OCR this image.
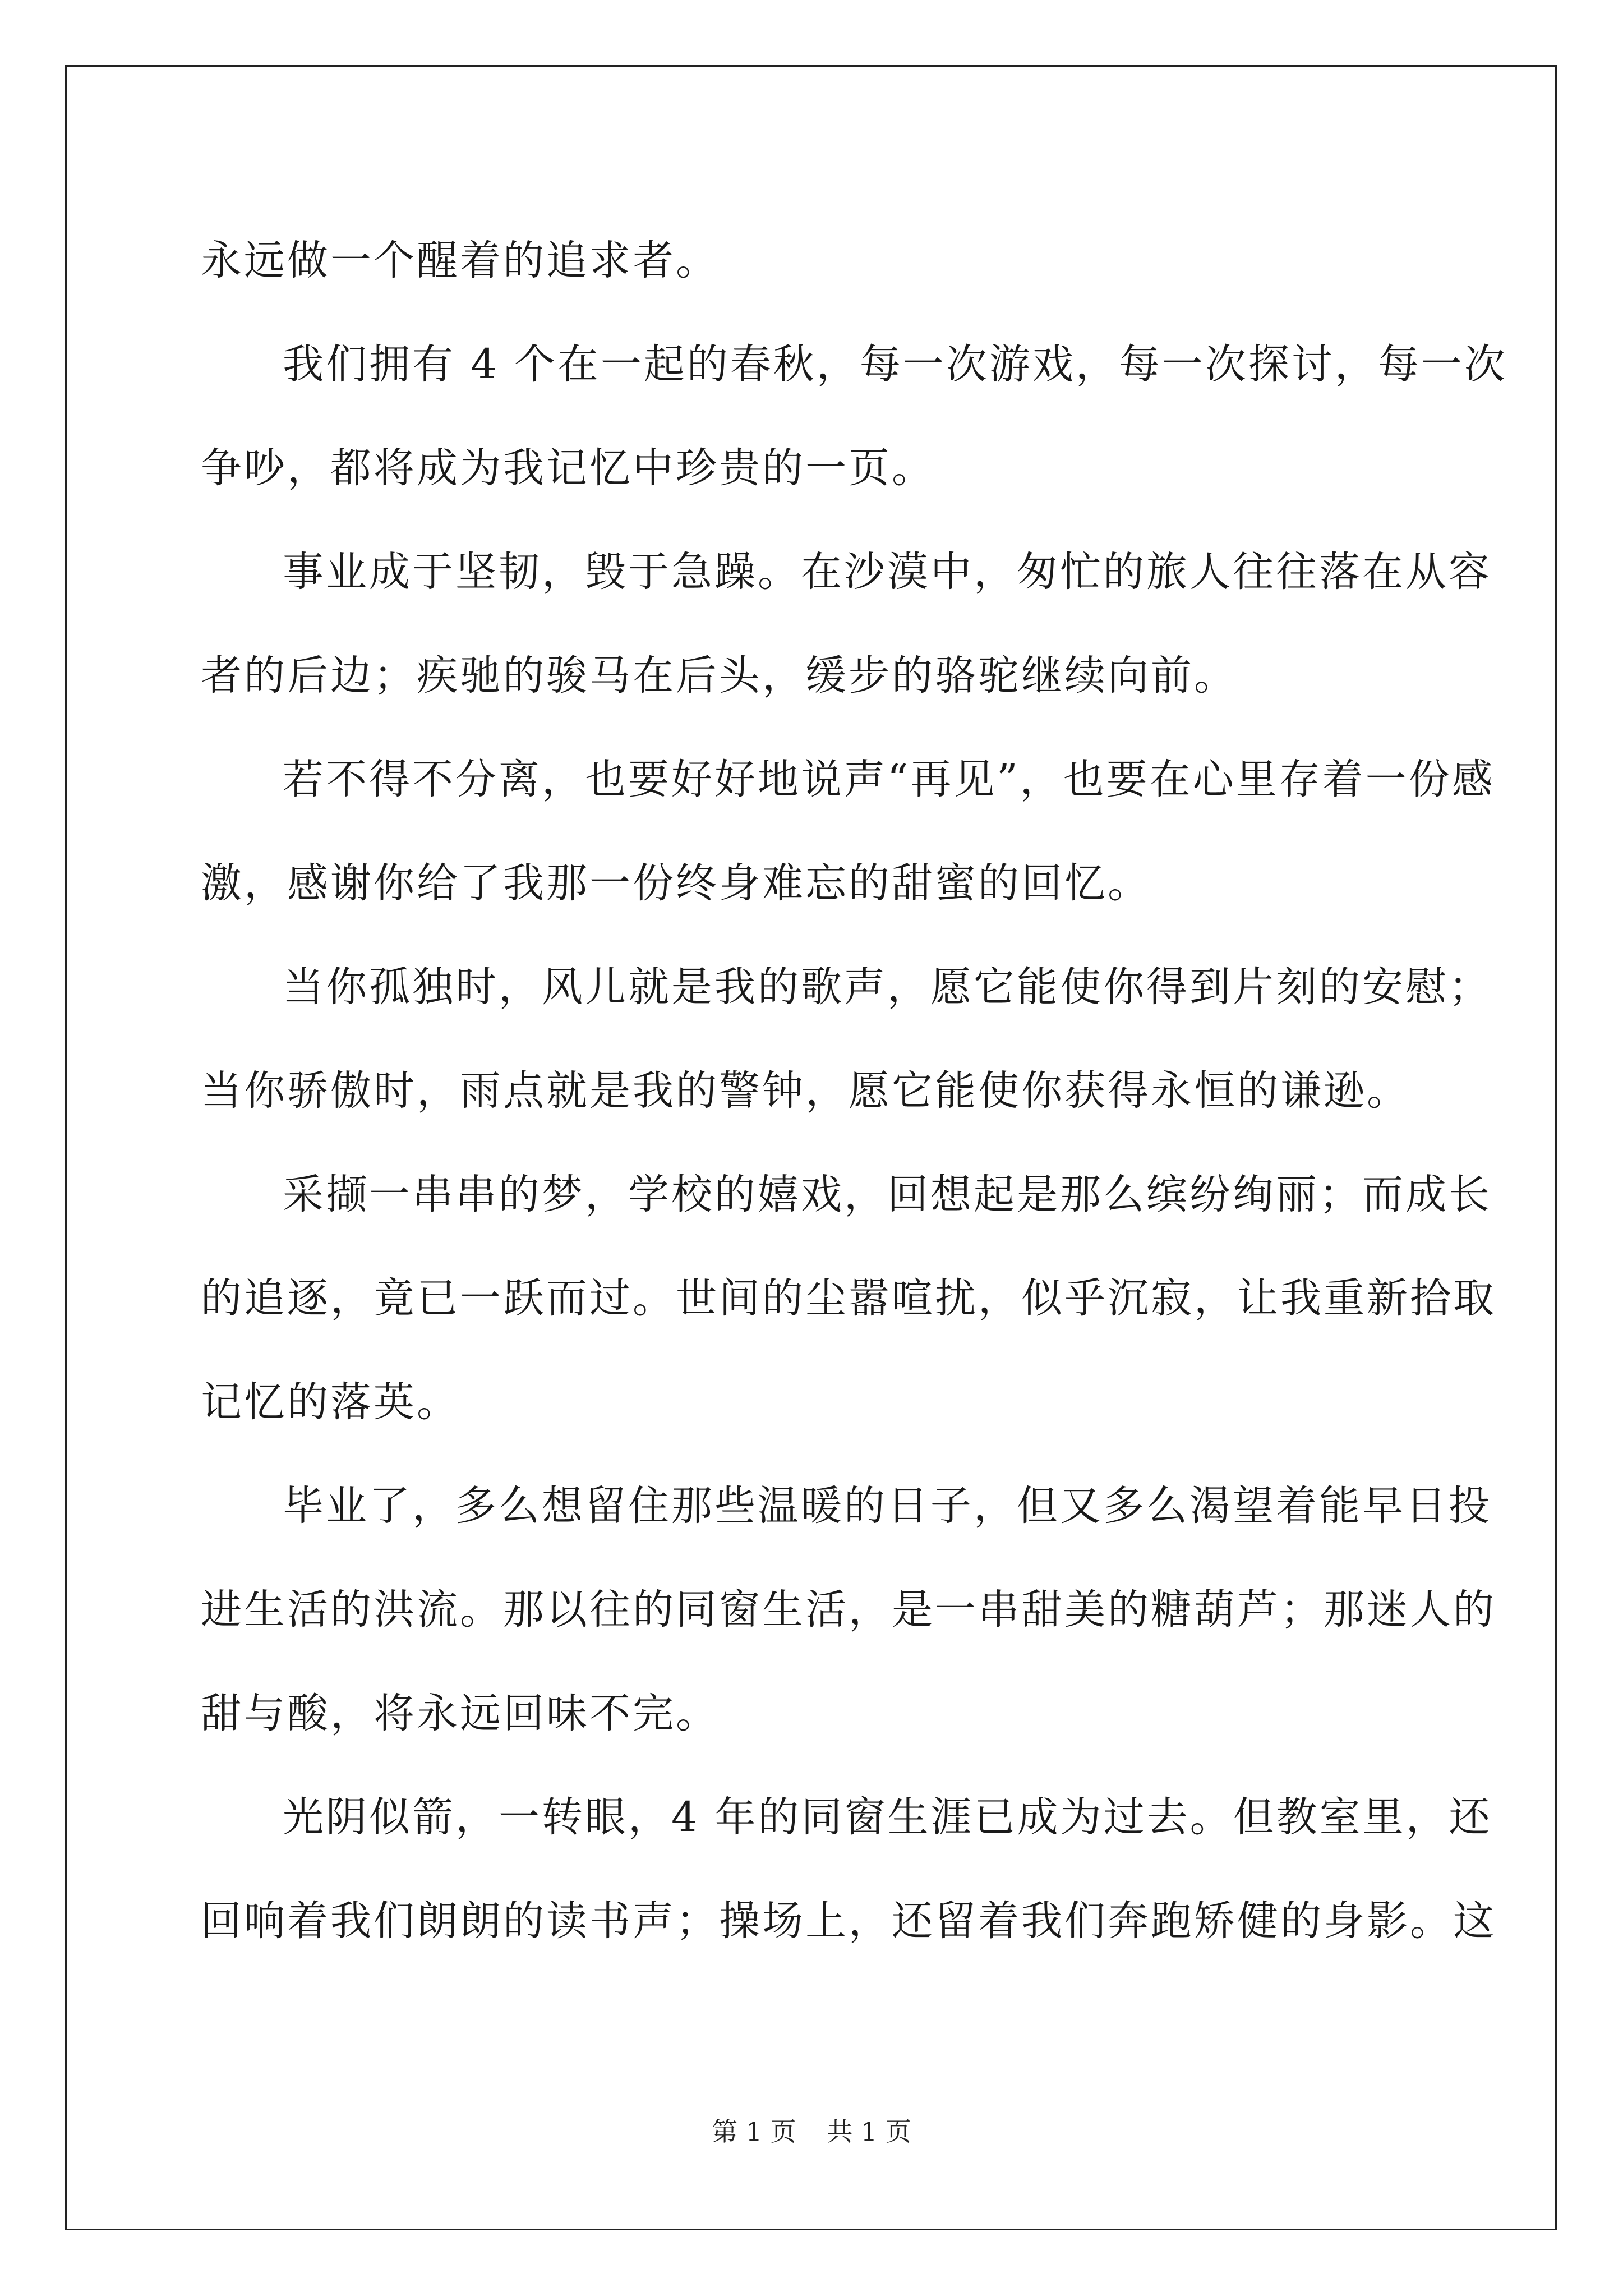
永远做一个醒着的追求者。
我们拥有 4 个在一起的春秋，每一次游戏，每一次探讨，每一次
争吵，都将成为我记忆中珍贵的一页。
事业成于坚韧，毁于急躁。在沙漠中，匆忙的旅人往往落在从容
者的后边；疾驰的骏马在后头，缓步的骆驼继续向前。
若不得不分离，也要好好地说声“再见”，也要在心里存着一份感
激，感谢你给了我那一份终身难忘的甜蜜的回忆。
当你孤独时，风儿就是我的歌声，愿它能使你得到片刻的安慰；
当你骄傲时，雨点就是我的警钟，愿它能使你获得永恒的谦逊。
采撷一串串的梦，学校的嬉戏，回想起是那么缤纷绚丽；而成长
的追逐，竟已一跃而过。世间的尘嚣喧扰，似乎沉寂，让我重新拾取
记忆的落英。
毕业了，多么想留住那些温暖的日子，但又多么渴望着能早日投
进生活的洪流。那以往的同窗生活，是一串甜美的糖葫芦；那迷人的
甜与酸，将永远回味不完。
光阴似箭，一转眼，4 年的同窗生涯已成为过去。但教室里，还
回响着我们朗朗的读书声；操场上，还留着我们奔跑矫健的身影。这
第 1 页 共 1 页
